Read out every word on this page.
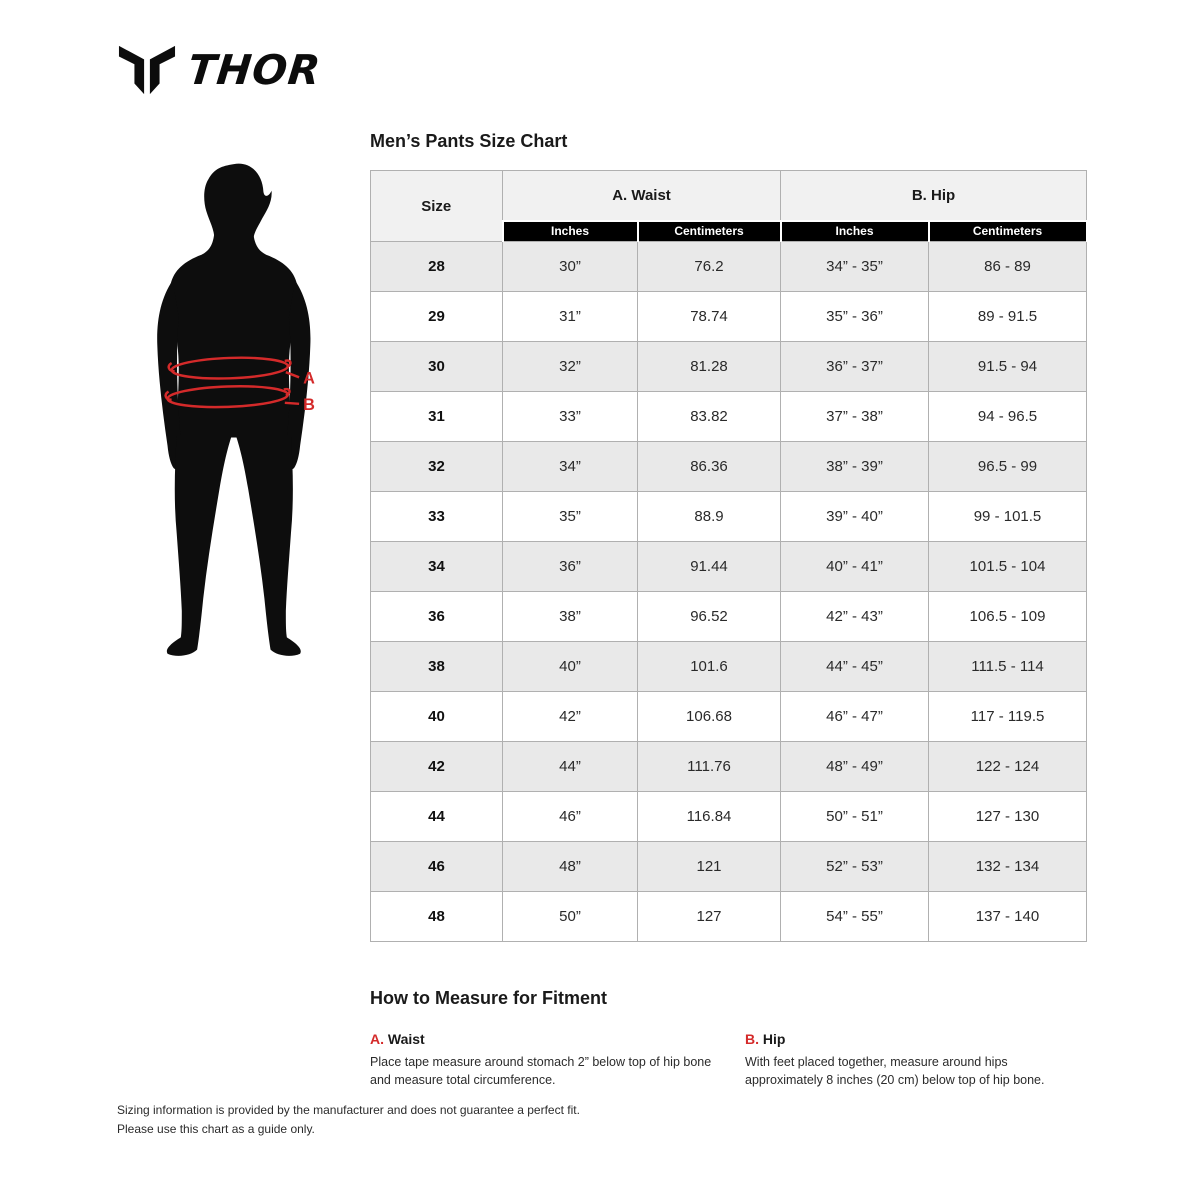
THOR
Men’s Pants Size Chart
A
B
Size	A. Waist		B. Hip	
	Inches	Centimeters	Inches	Centimeters
28	30”	76.2	34” - 35”	86 - 89
29	31”	78.74	35” - 36”	89 - 91.5
30	32”	81.28	36” - 37”	91.5 - 94
31	33”	83.82	37” - 38”	94 - 96.5
32	34”	86.36	38” - 39”	96.5 - 99
33	35”	88.9	39” - 40”	99 - 101.5
34	36”	91.44	40” - 41”	101.5 - 104
36	38”	96.52	42” - 43”	106.5 - 109
38	40”	101.6	44” - 45”	111.5 - 114
40	42”	106.68	46” - 47”	117 - 119.5
42	44”	111.76	48” - 49”	122 - 124
44	46”	116.84	50” - 51”	127 - 130
46	48”	121	52” - 53”	132 - 134
48	50”	127	54” - 55”	137 - 140
How to Measure for Fitment
A. Waist

Place tape measure around stomach 2” below top of hip bone and measure total circumference.

B. Hip

With feet placed together, measure around hips approximately 8 inches (20 cm) below top of hip bone.

Sizing information is provided by the manufacturer and does not guarantee a perfect fit.
Please use this chart as a guide only.
